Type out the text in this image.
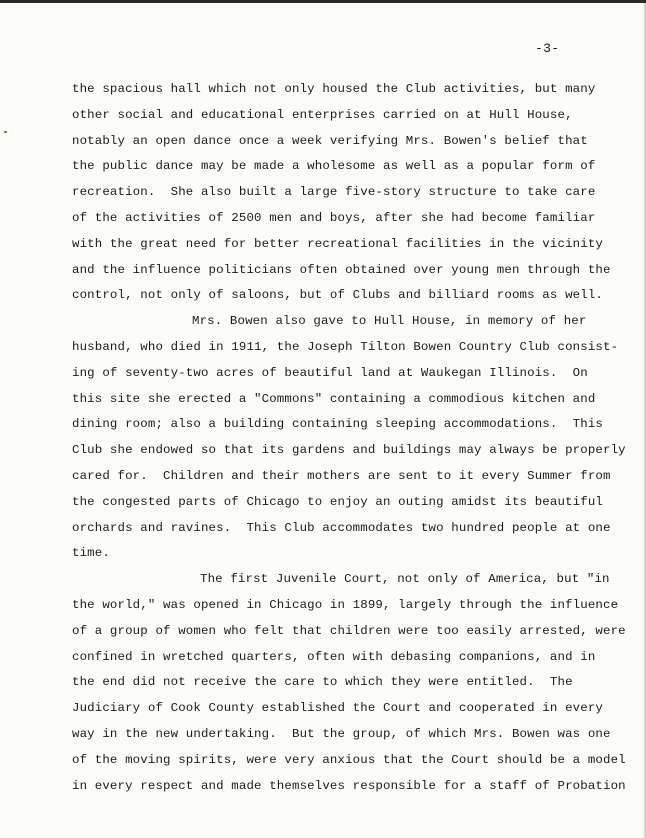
-3-
the spacious hall which not only housed the Club activities, but many
other social and educational enterprises carried on at Hull House,
notably an open dance once a week verifying Mrs. Bowen's belief that
the public dance may be made a wholesome as well as a popular form of
recreation.  She also built a large five-story structure to take care
of the activities of 2500 men and boys, after she had become familiar
with the great need for better recreational facilities in the vicinity
and the influence politicians often obtained over young men through the
control, not only of saloons, but of Clubs and billiard rooms as well.
Mrs. Bowen also gave to Hull House, in memory of her
husband, who died in 1911, the Joseph Tilton Bowen Country Club consist-
ing of seventy-two acres of beautiful land at Waukegan Illinois.  On
this site she erected a "Commons" containing a commodious kitchen and
dining room; also a building containing sleeping accommodations.  This
Club she endowed so that its gardens and buildings may always be properly
cared for.  Children and their mothers are sent to it every Summer from
the congested parts of Chicago to enjoy an outing amidst its beautiful
orchards and ravines.  This Club accommodates two hundred people at one
time.
The first Juvenile Court, not only of America, but "in
the world," was opened in Chicago in 1899, largely through the influence
of a group of women who felt that children were too easily arrested, were
confined in wretched quarters, often with debasing companions, and in
the end did not receive the care to which they were entitled.  The
Judiciary of Cook County established the Court and cooperated in every
way in the new undertaking.  But the group, of which Mrs. Bowen was one
of the moving spirits, were very anxious that the Court should be a model
in every respect and made themselves responsible for a staff of Probation
